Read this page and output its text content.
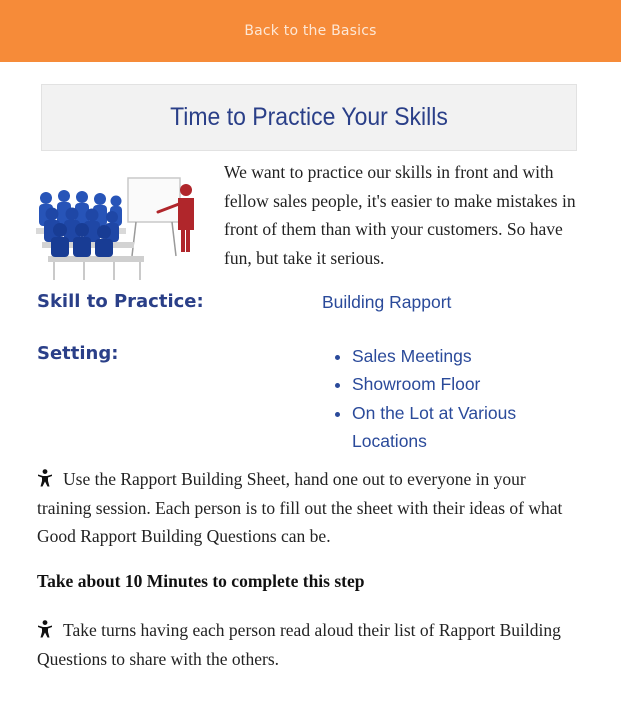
Back to the Basics
Time to Practice Your Skills
We want to practice our skills in front and with fellow sales people, it's easier to make mistakes in front of them than with your customers. So have fun, but take it serious.
Skill to Practice:	Building Rapport
Setting:
•	Sales Meetings
• Showroom Floor
• On the Lot at Various Locations
Use the Rapport Building Sheet, hand one out to everyone in your training session. Each person is to fill out the sheet with their ideas of what Good Rapport Building Questions can be.
Take about 10 Minutes to complete this step
Take turns having each person read aloud their list of Rapport Building Questions to share with the others.
